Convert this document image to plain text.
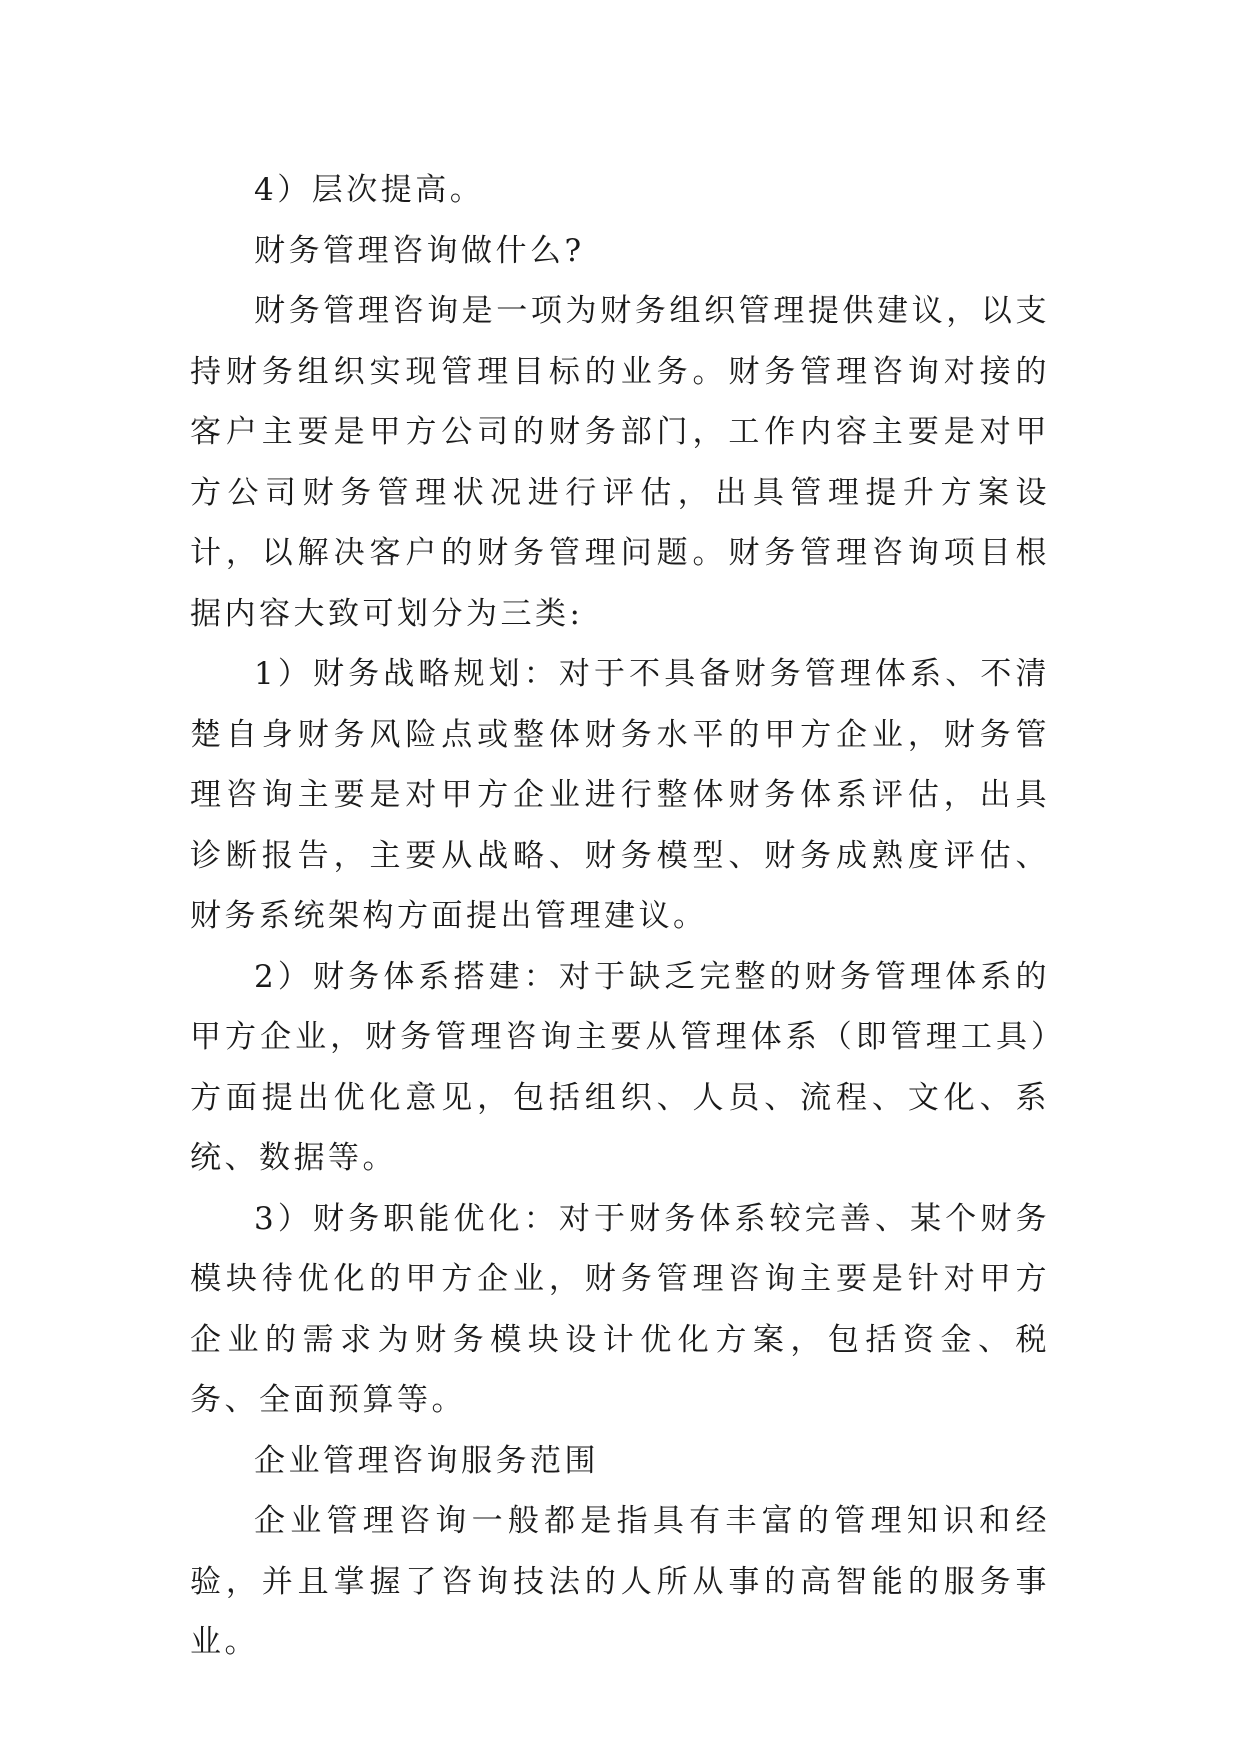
4）层次提高。

财务管理咨询做什么?

财务管理咨询是一项为财务组织管理提供建议，以支持财务组织实现管理目标的业务。财务管理咨询对接的客户主要是甲方公司的财务部门，工作内容主要是对甲方公司财务管理状况进行评估，出具管理提升方案设计，以解决客户的财务管理问题。财务管理咨询项目根据内容大致可划分为三类:

1）财务战略规划：对于不具备财务管理体系、不清楚自身财务风险点或整体财务水平的甲方企业，财务管理咨询主要是对甲方企业进行整体财务体系评估，出具诊断报告，主要从战略、财务模型、财务成熟度评估、财务系统架构方面提出管理建议。

2）财务体系搭建：对于缺乏完整的财务管理体系的甲方企业，财务管理咨询主要从管理体系（即管理工具）方面提出优化意见，包括组织、人员、流程、文化、系统、数据等。

3）财务职能优化：对于财务体系较完善、某个财务模块待优化的甲方企业，财务管理咨询主要是针对甲方企业的需求为财务模块设计优化方案，包括资金、税务、全面预算等。

企业管理咨询服务范围

企业管理咨询一般都是指具有丰富的管理知识和经验，并且掌握了咨询技法的人所从事的高智能的服务事业。
